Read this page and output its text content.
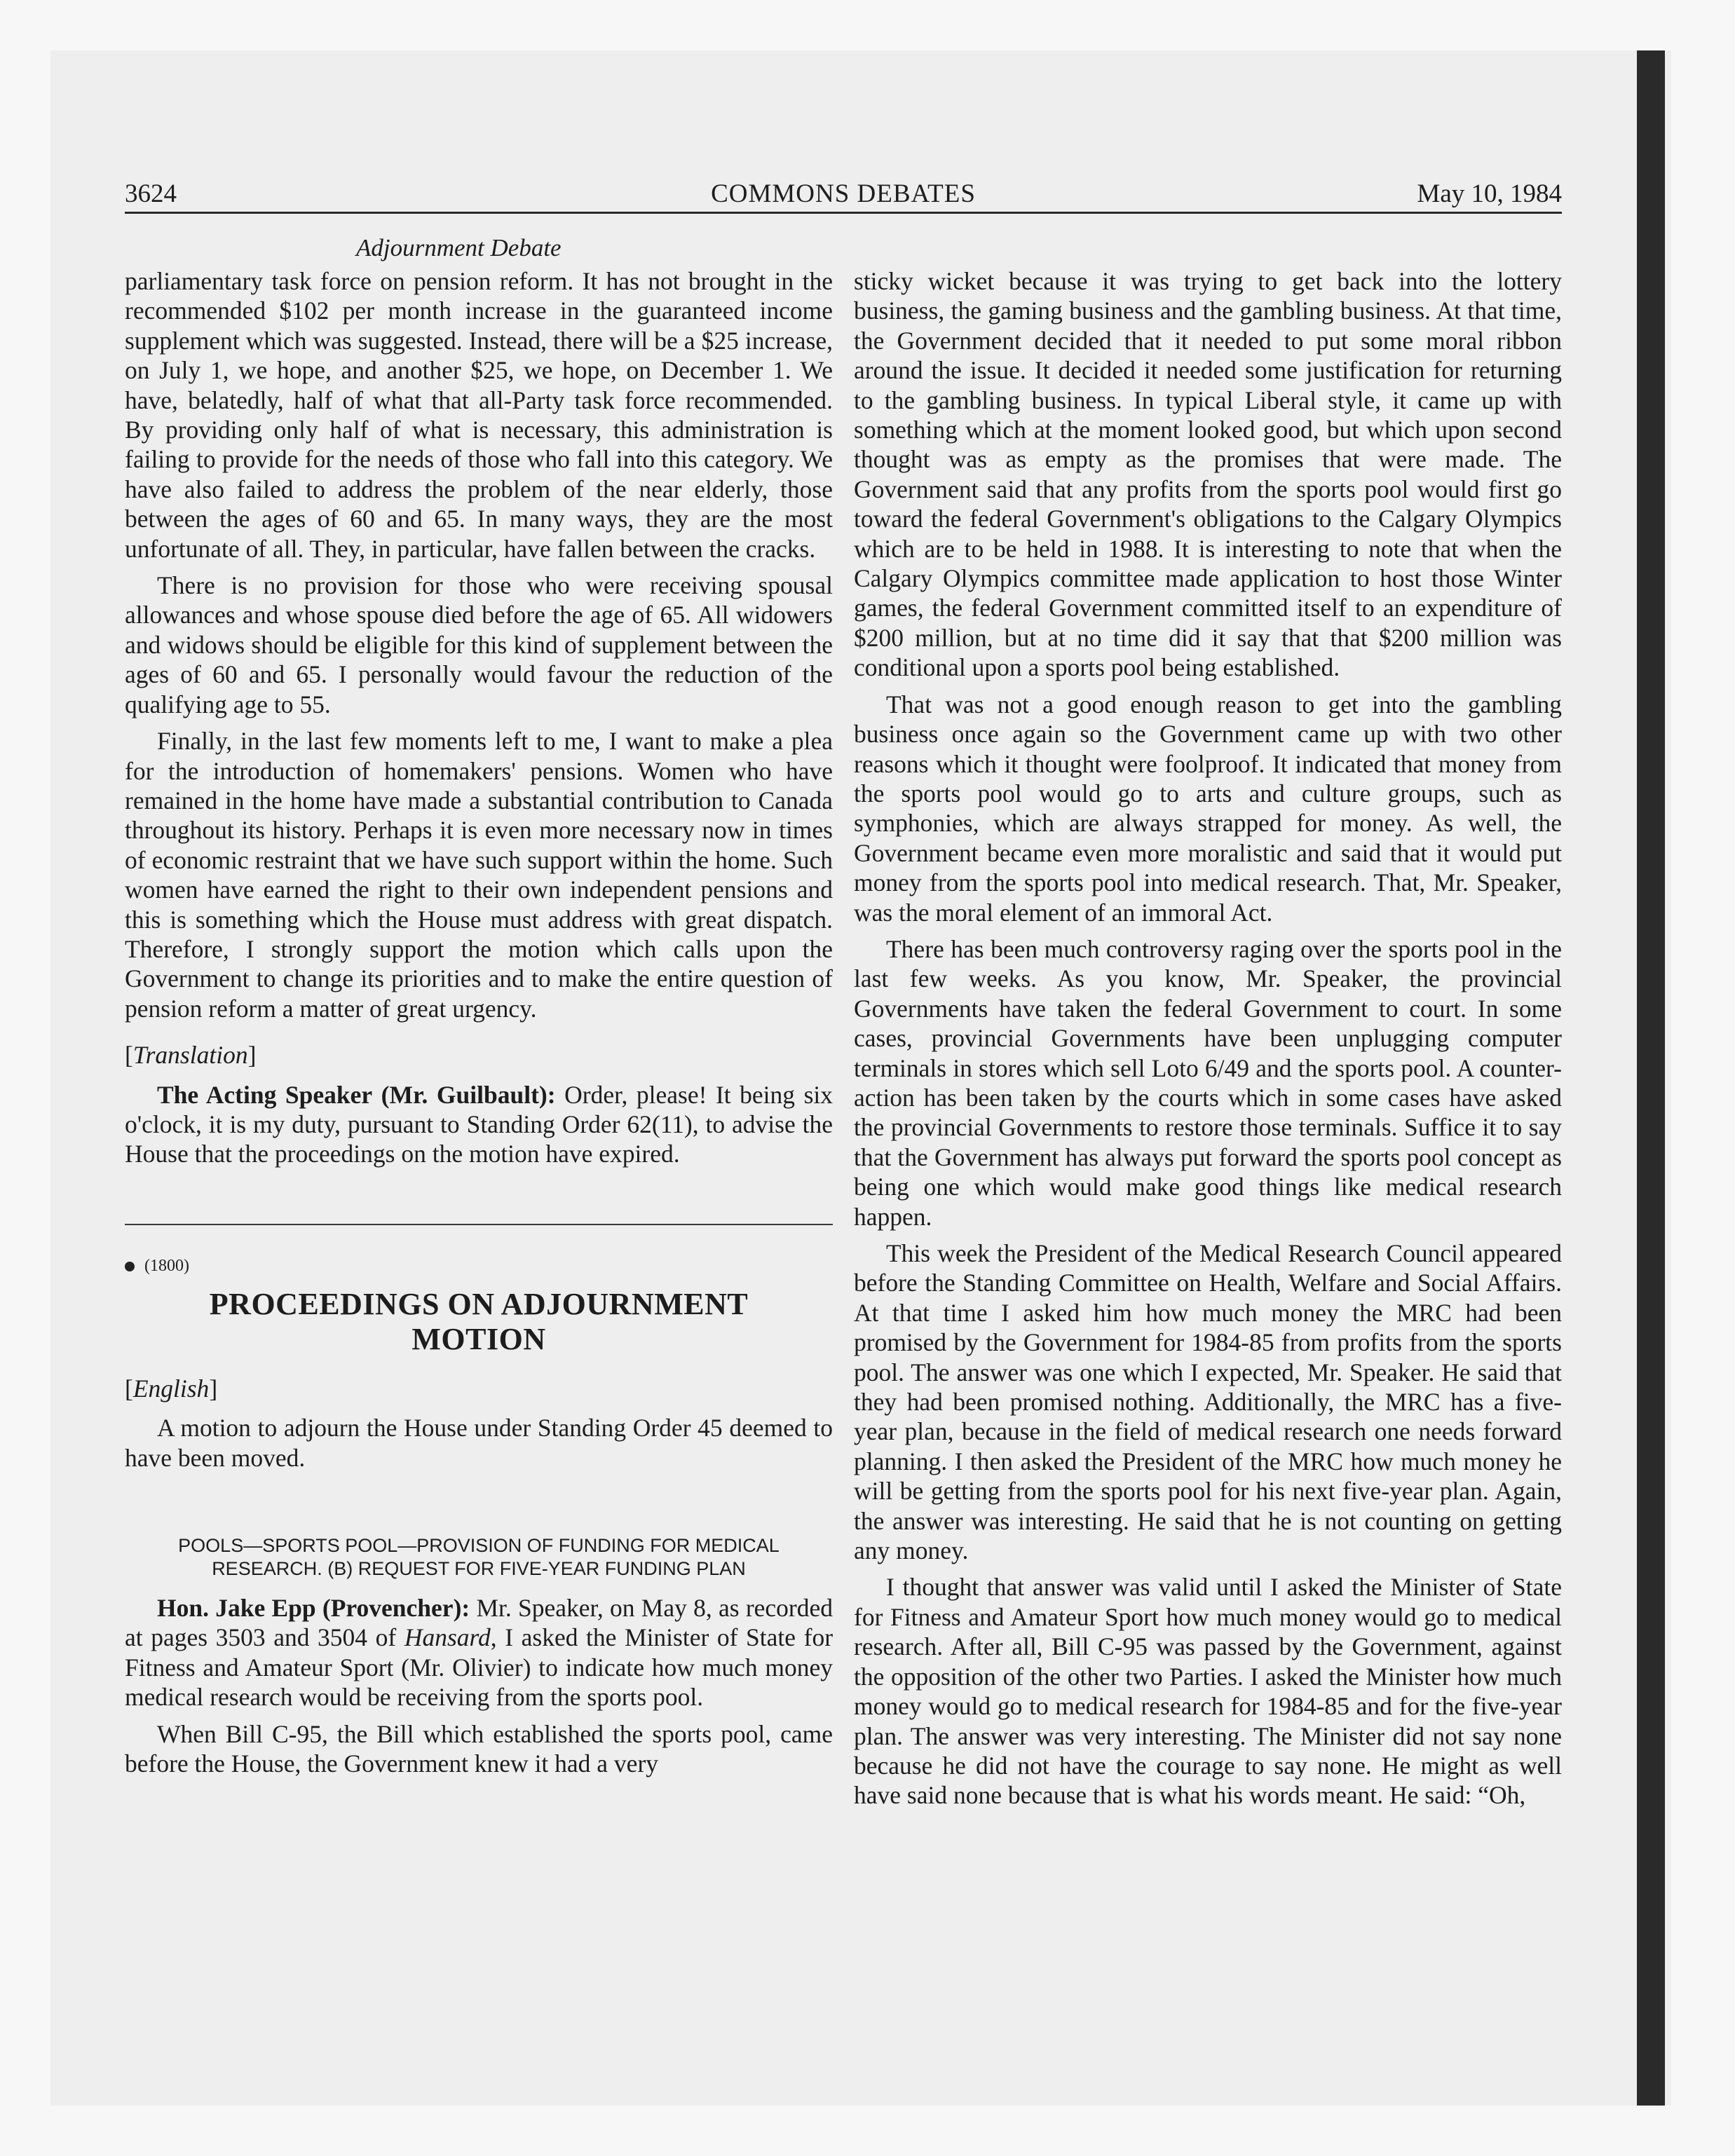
3624	COMMONS DEBATES	May 10, 1984
Adjournment Debate

parliamentary task force on pension reform. It has not brought in the recommended $102 per month increase in the guaranteed income supplement which was suggested. Instead, there will be a $25 increase, on July 1, we hope, and another $25, we hope, on December 1. We have, belatedly, half of what that all-Party task force recommended. By providing only half of what is necessary, this administration is failing to provide for the needs of those who fall into this category. We have also failed to address the problem of the near elderly, those between the ages of 60 and 65. In many ways, they are the most unfortunate of all. They, in particular, have fallen between the cracks.

There is no provision for those who were receiving spousal allowances and whose spouse died before the age of 65. All widowers and widows should be eligible for this kind of supplement between the ages of 60 and 65. I personally would favour the reduction of the qualifying age to 55.

Finally, in the last few moments left to me, I want to make a plea for the introduction of homemakers' pensions. Women who have remained in the home have made a substantial contribution to Canada throughout its history. Perhaps it is even more necessary now in times of economic restraint that we have such support within the home. Such women have earned the right to their own independent pensions and this is something which the House must address with great dispatch. Therefore, I strongly support the motion which calls upon the Government to change its priorities and to make the entire question of pension reform a matter of great urgency.

[Translation]

The Acting Speaker (Mr. Guilbault): Order, please! It being six o'clock, it is my duty, pursuant to Standing Order 62(11), to advise the House that the proceedings on the motion have expired.

(1800)
PROCEEDINGS ON ADJOURNMENT
MOTION
[English]

A motion to adjourn the House under Standing Order 45 deemed to have been moved.

POOLS—SPORTS POOL—PROVISION OF FUNDING FOR MEDICAL
RESEARCH. (B) REQUEST FOR FIVE-YEAR FUNDING PLAN

Hon. Jake Epp (Provencher): Mr. Speaker, on May 8, as recorded at pages 3503 and 3504 of Hansard, I asked the Minister of State for Fitness and Amateur Sport (Mr. Olivier) to indicate how much money medical research would be receiving from the sports pool.

When Bill C-95, the Bill which established the sports pool, came before the House, the Government knew it had a very

sticky wicket because it was trying to get back into the lottery business, the gaming business and the gambling business. At that time, the Government decided that it needed to put some moral ribbon around the issue. It decided it needed some justification for returning to the gambling business. In typical Liberal style, it came up with something which at the moment looked good, but which upon second thought was as empty as the promises that were made. The Government said that any profits from the sports pool would first go toward the federal Government's obligations to the Calgary Olympics which are to be held in 1988. It is interesting to note that when the Calgary Olympics committee made application to host those Winter games, the federal Government committed itself to an expenditure of $200 million, but at no time did it say that that $200 million was conditional upon a sports pool being established.

That was not a good enough reason to get into the gambling business once again so the Government came up with two other reasons which it thought were foolproof. It indicated that money from the sports pool would go to arts and culture groups, such as symphonies, which are always strapped for money. As well, the Government became even more moralistic and said that it would put money from the sports pool into medical research. That, Mr. Speaker, was the moral element of an immoral Act.

There has been much controversy raging over the sports pool in the last few weeks. As you know, Mr. Speaker, the provincial Governments have taken the federal Government to court. In some cases, provincial Governments have been unplugging computer terminals in stores which sell Loto 6/49 and the sports pool. A counter-action has been taken by the courts which in some cases have asked the provincial Governments to restore those terminals. Suffice it to say that the Government has always put forward the sports pool concept as being one which would make good things like medical research happen.

This week the President of the Medical Research Council appeared before the Standing Committee on Health, Welfare and Social Affairs. At that time I asked him how much money the MRC had been promised by the Government for 1984-85 from profits from the sports pool. The answer was one which I expected, Mr. Speaker. He said that they had been promised nothing. Additionally, the MRC has a five-year plan, because in the field of medical research one needs forward planning. I then asked the President of the MRC how much money he will be getting from the sports pool for his next five-year plan. Again, the answer was interesting. He said that he is not counting on getting any money.

I thought that answer was valid until I asked the Minister of State for Fitness and Amateur Sport how much money would go to medical research. After all, Bill C-95 was passed by the Government, against the opposition of the other two Parties. I asked the Minister how much money would go to medical research for 1984-85 and for the five-year plan. The answer was very interesting. The Minister did not say none because he did not have the courage to say none. He might as well have said none because that is what his words meant. He said: “Oh,
